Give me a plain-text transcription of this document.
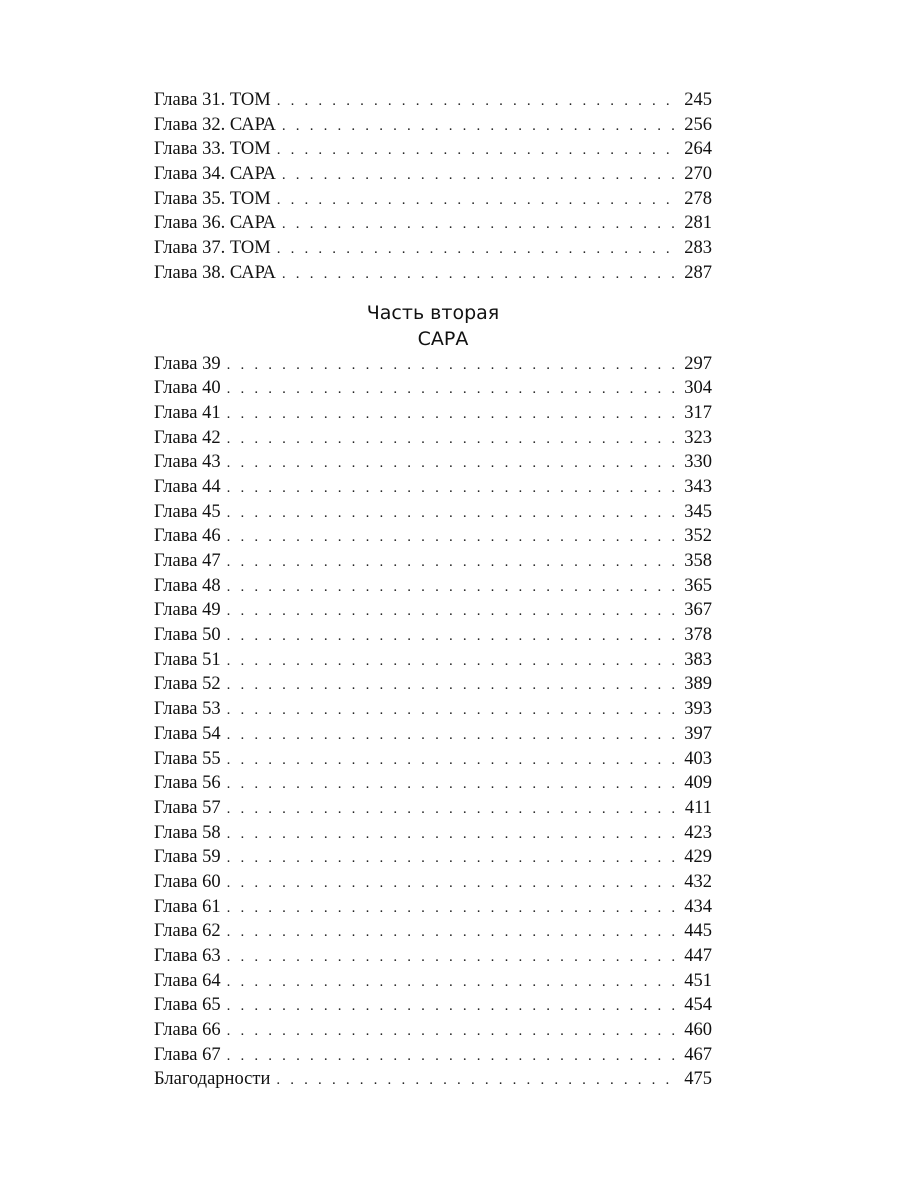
Глава 31. ТОМ . . .	245
Глава 32. САРА . . .	256
Глава 33. ТОМ . . .	264
Глава 34. САРА . . .	270
Глава 35. ТОМ . . .	278
Глава 36. САРА . . .	281
Глава 37. ТОМ . . .	283
Глава 38. САРА . . .	287
Часть вторая
САРА
Глава 39 . . .	297
Глава 40 . . .	304
Глава 41 . . .	317
Глава 42 . . .	323
Глава 43 . . .	330
Глава 44 . . .	343
Глава 45 . . .	345
Глава 46 . . .	352
Глава 47 . . .	358
Глава 48 . . .	365
Глава 49 . . .	367
Глава 50 . . .	378
Глава 51 . . .	383
Глава 52 . . .	389
Глава 53 . . .	393
Глава 54 . . .	397
Глава 55 . . .	403
Глава 56 . . .	409
Глава 57 . . .	411
Глава 58 . . .	423
Глава 59 . . .	429
Глава 60 . . .	432
Глава 61 . . .	434
Глава 62 . . .	445
Глава 63 . . .	447
Глава 64 . . .	451
Глава 65 . . .	454
Глава 66 . . .	460
Глава 67 . . .	467
Благодарности . . .	475
